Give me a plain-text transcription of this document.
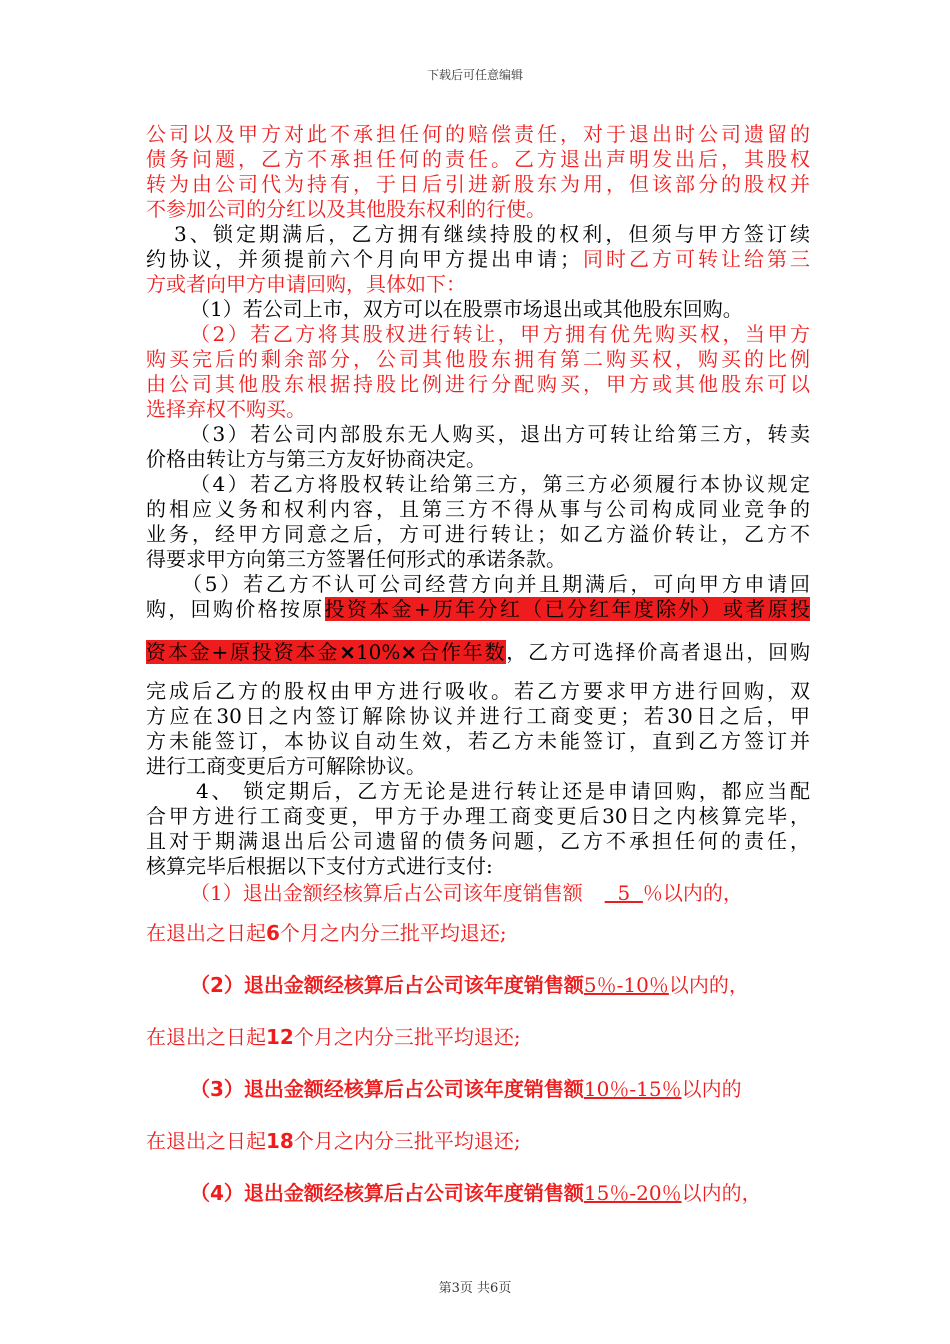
下载后可任意编辑
公司以及甲方对此不承担任何的赔偿责任，对于退出时公司遗留的
债务问题，乙方不承担任何的责任。乙方退出声明发出后，其股权
转为由公司代为持有，于日后引进新股东为用，但该部分的股权并
不参加公司的分红以及其他股东权利的行使。
3、锁定期满后，乙方拥有继续持股的权利，但须与甲方签订续
约协议，并须提前六个月向甲方提出申请；同时乙方可转让给第三
方或者向甲方申请回购，具体如下：
（1）若公司上市，双方可以在股票市场退出或其他股东回购。
（2）若乙方将其股权进行转让，甲方拥有优先购买权，当甲方
购买完后的剩余部分，公司其他股东拥有第二购买权，购买的比例
由公司其他股东根据持股比例进行分配购买，甲方或其他股东可以
选择弃权不购买。
（3）若公司内部股东无人购买，退出方可转让给第三方，转卖
价格由转让方与第三方友好协商决定。
（4）若乙方将股权转让给第三方，第三方必须履行本协议规定
的相应义务和权利内容，且第三方不得从事与公司构成同业竞争的
业务，经甲方同意之后，方可进行转让；如乙方溢价转让，乙方不
得要求甲方向第三方签署任何形式的承诺条款。
（5）若乙方不认可公司经营方向并且期满后，可向甲方申请回
购，回购价格按原投资本金+历年分红（已分红年度除外）或者原投
资本金+原投资本金×10%×合作年数，乙方可选择价高者退出，回购
完成后乙方的股权由甲方进行吸收。若乙方要求甲方进行回购，双
方应在30日之内签订解除协议并进行工商变更；若30日之后，甲
方未能签订，本协议自动生效，若乙方未能签订，直到乙方签订并
进行工商变更后方可解除协议。
4、 锁定期后，乙方无论是进行转让还是申请回购，都应当配
合甲方进行工商变更，甲方于办理工商变更后30日之内核算完毕，
且对于期满退出后公司遗留的债务问题，乙方不承担任何的责任，
核算完毕后根据以下支付方式进行支付:
（1）退出金额经核算后占公司该年度销售额  5  ％以内的，
在退出之日起6个月之内分三批平均退还;
（2）退出金额经核算后占公司该年度销售额5％-10％以内的，
在退出之日起12个月之内分三批平均退还;
（3）退出金额经核算后占公司该年度销售额10％-15％以内的
在退出之日起18个月之内分三批平均退还;
（4）退出金额经核算后占公司该年度销售额15％-20％以内的，
第3页 共6页
